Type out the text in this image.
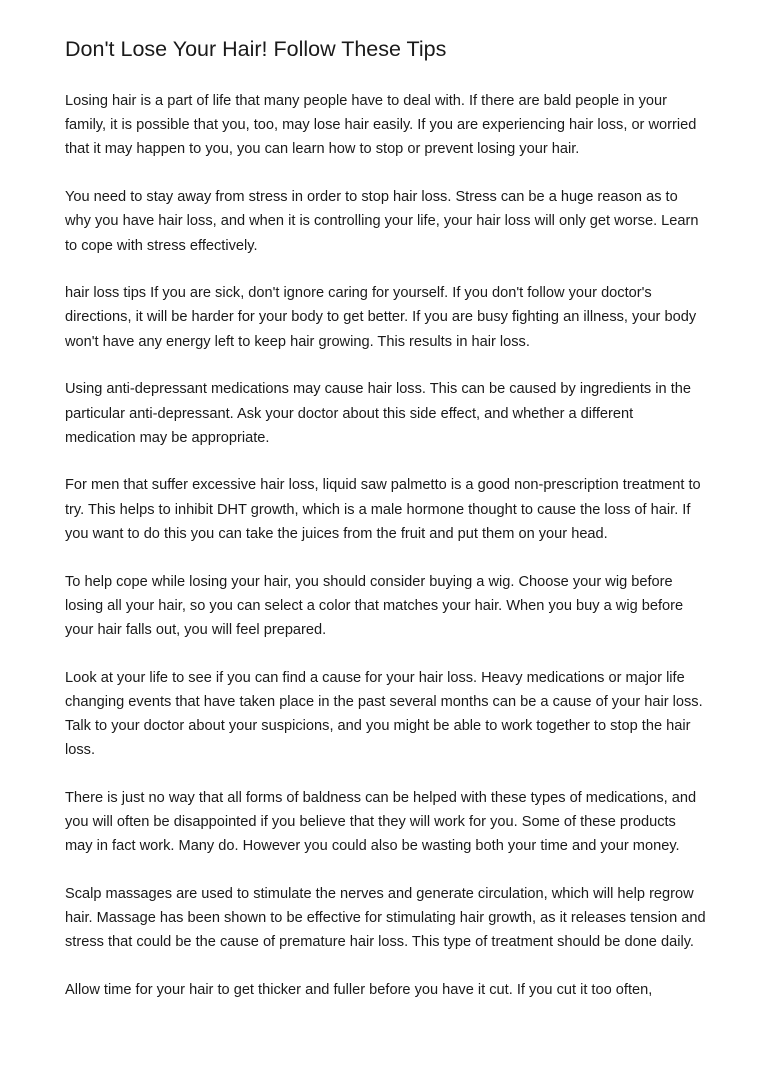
Don't Lose Your Hair! Follow These Tips

Losing hair is a part of life that many people have to deal with. If there are bald people in your family, it is possible that you, too, may lose hair easily. If you are experiencing hair loss, or worried that it may happen to you, you can learn how to stop or prevent losing your hair.

You need to stay away from stress in order to stop hair loss. Stress can be a huge reason as to why you have hair loss, and when it is controlling your life, your hair loss will only get worse. Learn to cope with stress effectively.

hair loss tips If you are sick, don't ignore caring for yourself. If you don't follow your doctor's directions, it will be harder for your body to get better. If you are busy fighting an illness, your body won't have any energy left to keep hair growing. This results in hair loss.

Using anti-depressant medications may cause hair loss. This can be caused by ingredients in the particular anti-depressant. Ask your doctor about this side effect, and whether a different medication may be appropriate.

For men that suffer excessive hair loss, liquid saw palmetto is a good non-prescription treatment to try. This helps to inhibit DHT growth, which is a male hormone thought to cause the loss of hair. If you want to do this you can take the juices from the fruit and put them on your head.

To help cope while losing your hair, you should consider buying a wig. Choose your wig before losing all your hair, so you can select a color that matches your hair. When you buy a wig before your hair falls out, you will feel prepared.

Look at your life to see if you can find a cause for your hair loss. Heavy medications or major life changing events that have taken place in the past several months can be a cause of your hair loss. Talk to your doctor about your suspicions, and you might be able to work together to stop the hair loss.

There is just no way that all forms of baldness can be helped with these types of medications, and you will often be disappointed if you believe that they will work for you. Some of these products may in fact work. Many do. However you could also be wasting both your time and your money.

Scalp massages are used to stimulate the nerves and generate circulation, which will help regrow hair. Massage has been shown to be effective for stimulating hair growth, as it releases tension and stress that could be the cause of premature hair loss. This type of treatment should be done daily.

Allow time for your hair to get thicker and fuller before you have it cut. If you cut it too often,
